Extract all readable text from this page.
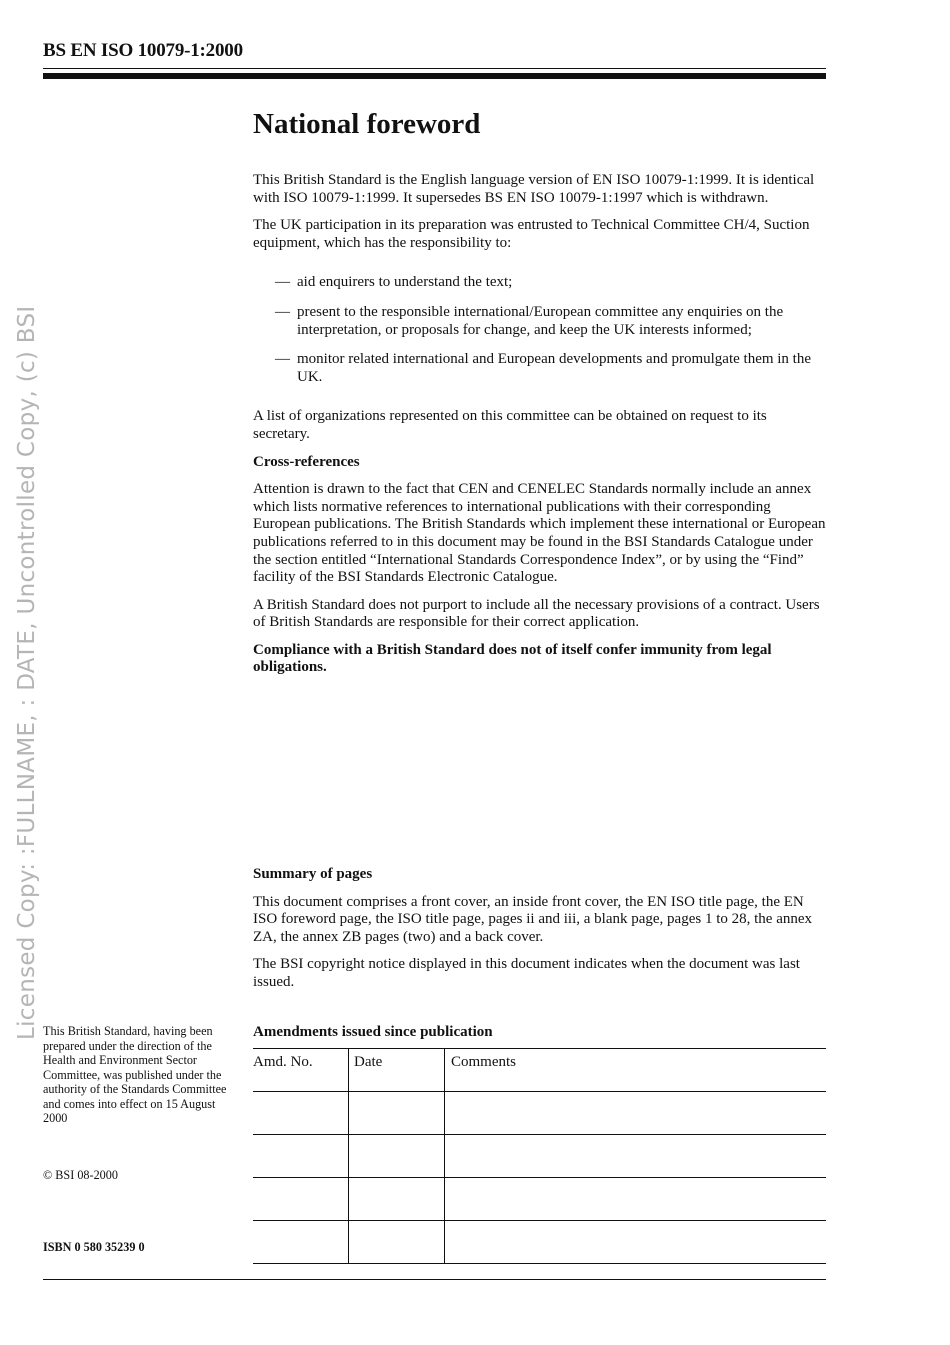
BS EN ISO 10079-1:2000
Licensed Copy: :FULLNAME, : DATE, Uncontrolled Copy, (c) BSI
National foreword

This British Standard is the English language version of EN ISO 10079-1:1999. It is identical with ISO 10079-1:1999. It supersedes BS EN ISO 10079-1:1997 which is withdrawn.

The UK participation in its preparation was entrusted to Technical Committee CH/4, Suction equipment, which has the responsibility to:

— aid enquirers to understand the text;
— present to the responsible international/European committee any enquiries on the interpretation, or proposals for change, and keep the UK interests informed;
— monitor related international and European developments and promulgate them in the UK.

A list of organizations represented on this committee can be obtained on request to its secretary.

Cross-references

Attention is drawn to the fact that CEN and CENELEC Standards normally include an annex which lists normative references to international publications with their corresponding European publications. The British Standards which implement these international or European publications referred to in this document may be found in the BSI Standards Catalogue under the section entitled “International Standards Correspondence Index”, or by using the “Find” facility of the BSI Standards Electronic Catalogue.

A British Standard does not purport to include all the necessary provisions of a contract. Users of British Standards are responsible for their correct application.

Compliance with a British Standard does not of itself confer immunity from legal obligations.

Summary of pages

This document comprises a front cover, an inside front cover, the EN ISO title page, the EN ISO foreword page, the ISO title page, pages ii and iii, a blank page, pages 1 to 28, the annex ZA, the annex ZB pages (two) and a back cover.

The BSI copyright notice displayed in this document indicates when the document was last issued.

This British Standard, having been prepared under the direction of the Health and Environment Sector Committee, was published under the authority of the Standards Committee and comes into effect on 15 August 2000
© BSI 08-2000
ISBN 0 580 35239 0
Amendments issued since publication
Amd. No.	Date	Comments
